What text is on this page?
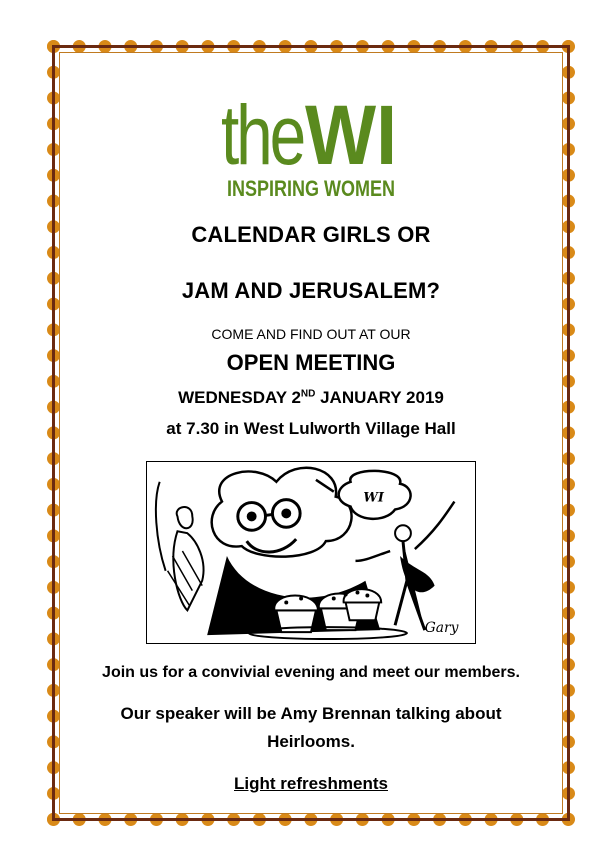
the WI
INSPIRING WOMEN
CALENDAR GIRLS OR
JAM AND JERUSALEM?
COME AND FIND OUT AT OUR
OPEN MEETING
WEDNESDAY 2ND JANUARY 2019
at 7.30 in West Lulworth Village Hall
WI
Gary
Join us for a convivial evening and meet our members.
Our speaker will be Amy Brennan talking about
Heirlooms.
Light refreshments
